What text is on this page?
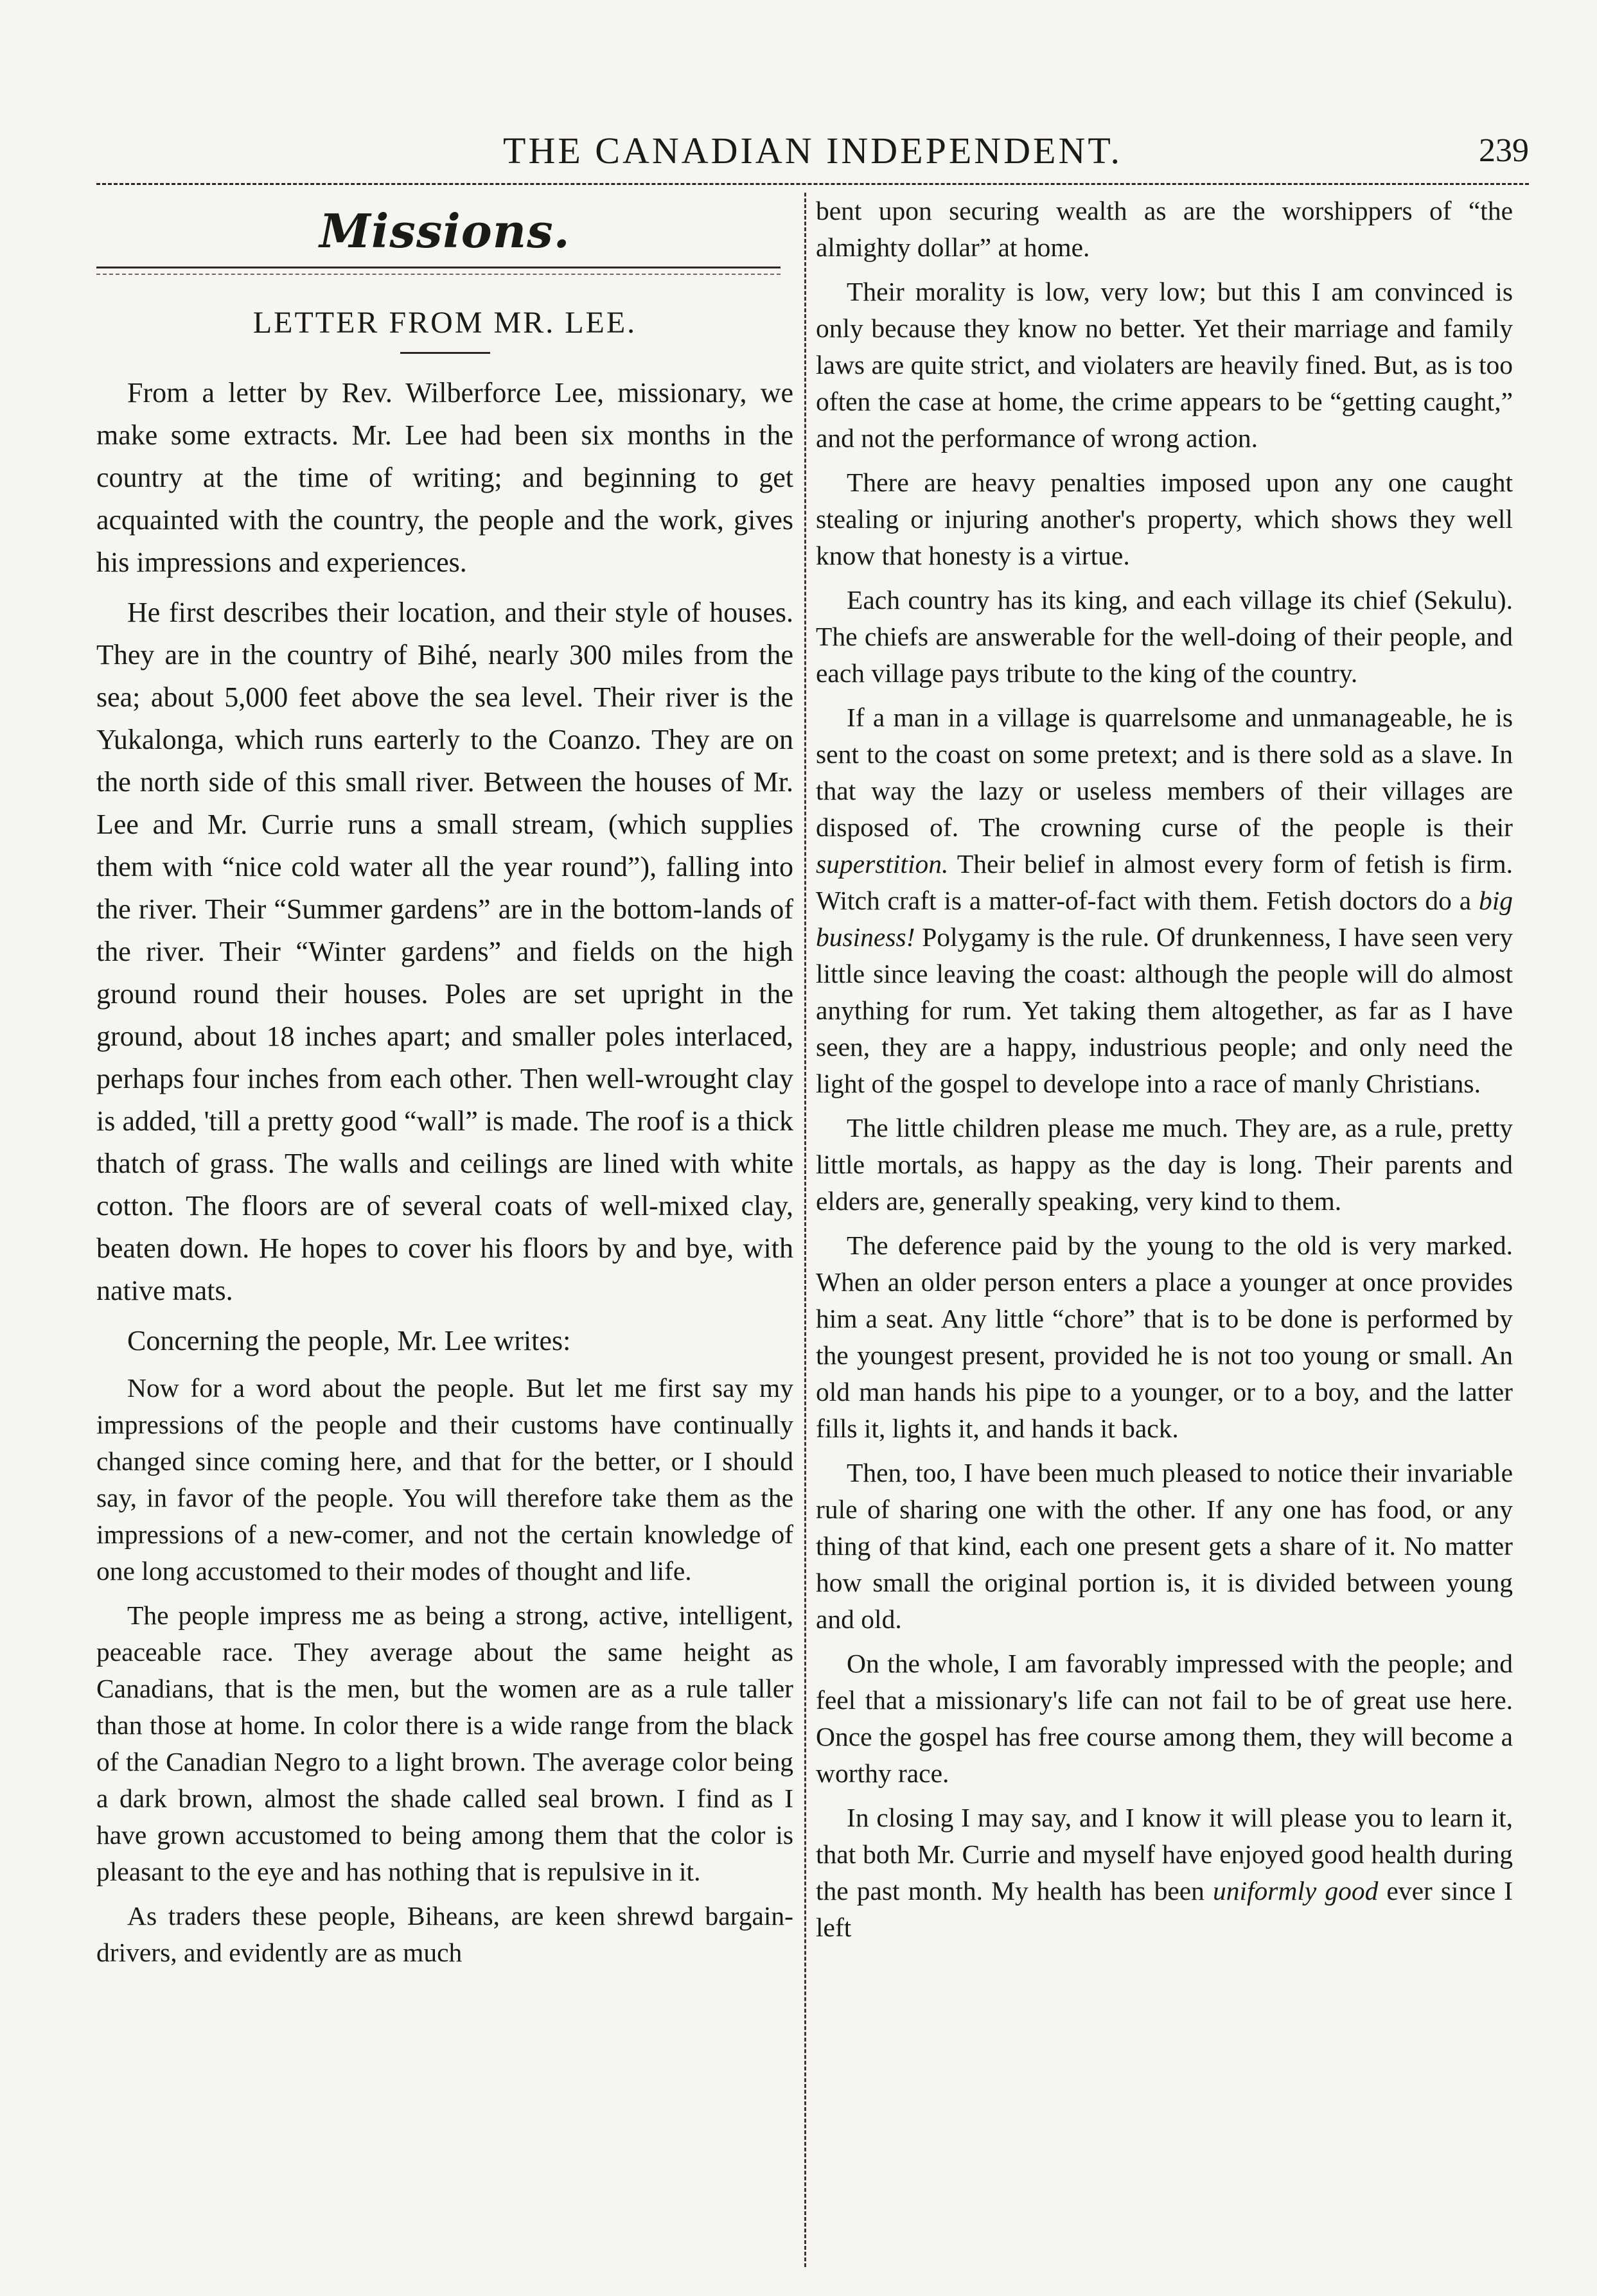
THE CANADIAN INDEPENDENT.	239
Missions.
LETTER FROM MR. LEE.

From a letter by Rev. Wilberforce Lee, missionary, we make some extracts. Mr. Lee had been six months in the country at the time of writing; and beginning to get acquainted with the country, the people and the work, gives his impressions and experiences.

He first describes their location, and their style of houses. They are in the country of Bihé, nearly 300 miles from the sea; about 5,000 feet above the sea level. Their river is the Yukalonga, which runs earterly to the Coanzo. They are on the north side of this small river. Between the houses of Mr. Lee and Mr. Currie runs a small stream, (which supplies them with “nice cold water all the year round”), falling into the river. Their “Summer gardens” are in the bottom-lands of the river. Their “Winter gardens” and fields on the high ground round their houses. Poles are set upright in the ground, about 18 inches apart; and smaller poles interlaced, perhaps four inches from each other. Then well-wrought clay is added, 'till a pretty good “wall” is made. The roof is a thick thatch of grass. The walls and ceilings are lined with white cotton. The floors are of several coats of well-mixed clay, beaten down. He hopes to cover his floors by and bye, with native mats.

Concerning the people, Mr. Lee writes:

Now for a word about the people. But let me first say my impressions of the people and their customs have continually changed since coming here, and that for the better, or I should say, in favor of the people. You will therefore take them as the impressions of a new-comer, and not the certain knowledge of one long accustomed to their modes of thought and life.

The people impress me as being a strong, active, intelligent, peaceable race. They average about the same height as Canadians, that is the men, but the women are as a rule taller than those at home. In color there is a wide range from the black of the Canadian Negro to a light brown. The average color being a dark brown, almost the shade called seal brown. I find as I have grown accustomed to being among them that the color is pleasant to the eye and has nothing that is repulsive in it.

As traders these people, Biheans, are keen shrewd bargain-drivers, and evidently are as much

bent upon securing wealth as are the worshippers of “the almighty dollar” at home.

Their morality is low, very low; but this I am convinced is only because they know no better. Yet their marriage and family laws are quite strict, and violaters are heavily fined. But, as is too often the case at home, the crime appears to be “getting caught,” and not the performance of wrong action.

There are heavy penalties imposed upon any one caught stealing or injuring another's property, which shows they well know that honesty is a virtue.

Each country has its king, and each village its chief (Sekulu). The chiefs are answerable for the well-doing of their people, and each village pays tribute to the king of the country.

If a man in a village is quarrelsome and unmanageable, he is sent to the coast on some pretext; and is there sold as a slave. In that way the lazy or useless members of their villages are disposed of. The crowning curse of the people is their superstition. Their belief in almost every form of fetish is firm. Witch craft is a matter-of-fact with them. Fetish doctors do a big business! Polygamy is the rule. Of drunkenness, I have seen very little since leaving the coast: although the people will do almost anything for rum. Yet taking them altogether, as far as I have seen, they are a happy, industrious people; and only need the light of the gospel to develope into a race of manly Christians.

The little children please me much. They are, as a rule, pretty little mortals, as happy as the day is long. Their parents and elders are, generally speaking, very kind to them.

The deference paid by the young to the old is very marked. When an older person enters a place a younger at once provides him a seat. Any little “chore” that is to be done is performed by the youngest present, provided he is not too young or small. An old man hands his pipe to a younger, or to a boy, and the latter fills it, lights it, and hands it back.

Then, too, I have been much pleased to notice their invariable rule of sharing one with the other. If any one has food, or any thing of that kind, each one present gets a share of it. No matter how small the original portion is, it is divided between young and old.

On the whole, I am favorably impressed with the people; and feel that a missionary's life can not fail to be of great use here. Once the gospel has free course among them, they will become a worthy race.

In closing I may say, and I know it will please you to learn it, that both Mr. Currie and myself have enjoyed good health during the past month. My health has been uniformly good ever since I left
